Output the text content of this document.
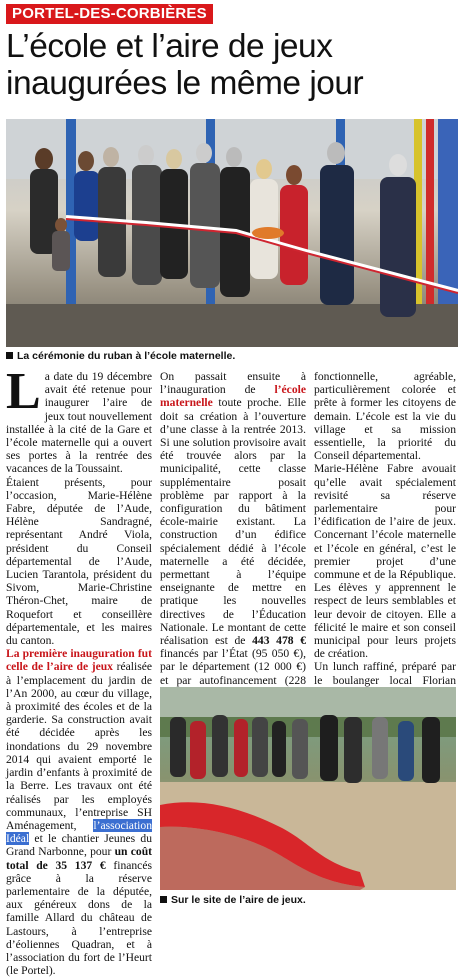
PORTEL-DES-CORBIÈRES
L’école et l’aire de jeux inaugurées le même jour
La cérémonie du ruban à l’école maternelle.

La date du 19 décembre avait été retenue pour inaugurer l’aire de jeux tout nouvellement installée à la cité de la Gare et l’école maternelle qui a ouvert ses portes à la rentrée des vacances de la Toussaint.

Étaient présents, pour l’occasion, Marie-Hélène Fabre, députée de l’Aude, Hélène Sandragné, représentant André Viola, président du Conseil départemental de l’Aude, Lucien Tarantola, président du Sivom, Marie-Christine Théron-Chet, maire de Roquefort et conseillère départementale, et les maires du canton.

La première inauguration fut celle de l’aire de jeux réalisée à l’emplacement du jardin de l’An 2000, au cœur du village, à proximité des écoles et de la garderie. Sa construction avait été décidée après les inondations du 29 novembre 2014 qui avaient emporté le jardin d’enfants à proximité de la Berre. Les travaux ont été réalisés par les employés communaux, l’entreprise SH Aménagement, l’association Idéal et le chantier Jeunes du Grand Narbonne, pour un coût total de 35 137 € financés grâce à la réserve parlementaire de la députée, aux généreux dons de la famille Allard du château de Lastours, à l’entreprise d’éoliennes Quadran, et à l’association du fort de l’Heurt (le Portel).

On passait ensuite à l’inauguration de l’école maternelle toute proche. Elle doit sa création à l’ouverture d’une classe à la rentrée 2013. Si une solution provisoire avait été trouvée alors par la municipalité, cette classe supplémentaire posait problème par rapport à la configuration du bâtiment école-mairie existant. La construction d’un édifice spécialement dédié à l’école maternelle a été décidée, permettant à l’équipe enseignante de mettre en pratique les nouvelles directives de l’Éducation Nationale. Le montant de cette réalisation est de 443 478 € financés par l’État (95 050 €), par le département (12 000 €) et par autofinancement (228

fonctionnelle, agréable, particulièrement colorée et prête à former les citoyens de demain. L’école est la vie du village et sa mission essentielle, la priorité du Conseil départemental.

Marie-Hélène Fabre avouait qu’elle avait spécialement revisité sa réserve parlementaire pour l’édification de l’aire de jeux. Concernant l’école maternelle et l’école en général, c’est le premier projet d’une commune et de la République. Les élèves y apprennent le respect de leurs semblables et leur devoir de citoyen. Elle a félicité le maire et son conseil municipal pour leurs projets de création.

Un lunch raffiné, préparé par le boulanger local Florian

Sur le site de l’aire de jeux.
